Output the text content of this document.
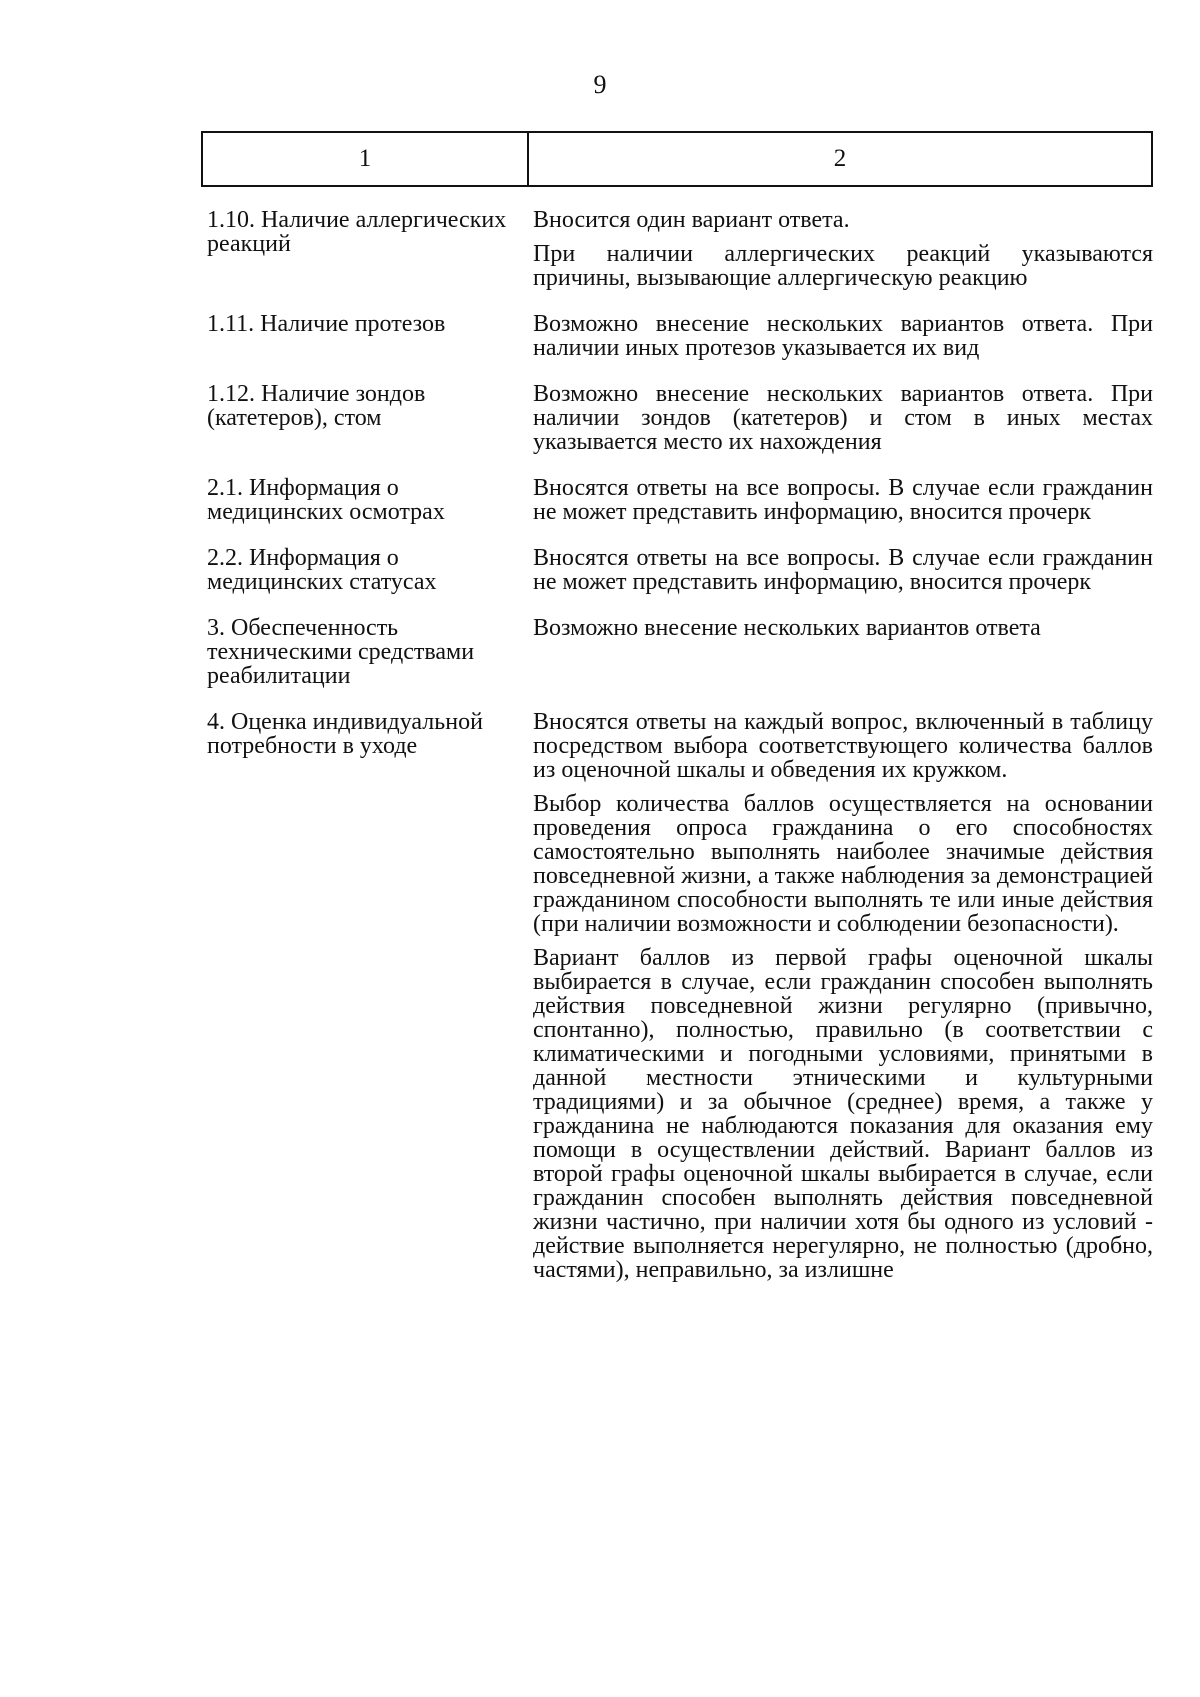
9
1	2
1.10. Наличие аллергических реакций

Вносится один вариант ответа.

При наличии аллергических реакций указываются причины, вызывающие аллергическую реакцию

1.11. Наличие протезов	Возможно внесение нескольких вариантов ответа. При наличии иных протезов указывается их вид

1.12. Наличие зондов (катетеров), стом

Возможно внесение нескольких вариантов ответа. При наличии зондов (катетеров) и стом в иных местах указывается место их нахождения

2.1. Информация о медицинских осмотрах

Вносятся ответы на все вопросы. В случае если гражданин не может представить информацию, вносится прочерк

2.2. Информация о медицинских статусах

Вносятся ответы на все вопросы. В случае если гражданин не может представить информацию, вносится прочерк

3. Обеспеченность техническими средствами реабилитации

Возможно внесение нескольких вариантов ответа

4. Оценка индивидуальной потребности в уходе

Вносятся ответы на каждый вопрос, включенный в таблицу посредством выбора соответствующего количества баллов из оценочной шкалы и обведения их кружком.

Выбор количества баллов осуществляется на основании проведения опроса гражданина о его способностях самостоятельно выполнять наиболее значимые действия повседневной жизни, а также наблюдения за демонстрацией гражданином способности выполнять те или иные действия (при наличии возможности и соблюдении безопасности).

Вариант баллов из первой графы оценочной шкалы выбирается в случае, если гражданин способен выполнять действия повседневной жизни регулярно (привычно, спонтанно), полностью, правильно (в соответствии с климатическими и погодными условиями, принятыми в данной местности этническими и культурными традициями) и за обычное (среднее) время, а также у гражданина не наблюдаются показания для оказания ему помощи в осуществлении действий. Вариант баллов из второй графы оценочной шкалы выбирается в случае, если гражданин способен выполнять действия повседневной жизни частично, при наличии хотя бы одного из условий - действие выполняется нерегулярно, не полностью (дробно, частями), неправильно, за излишне
